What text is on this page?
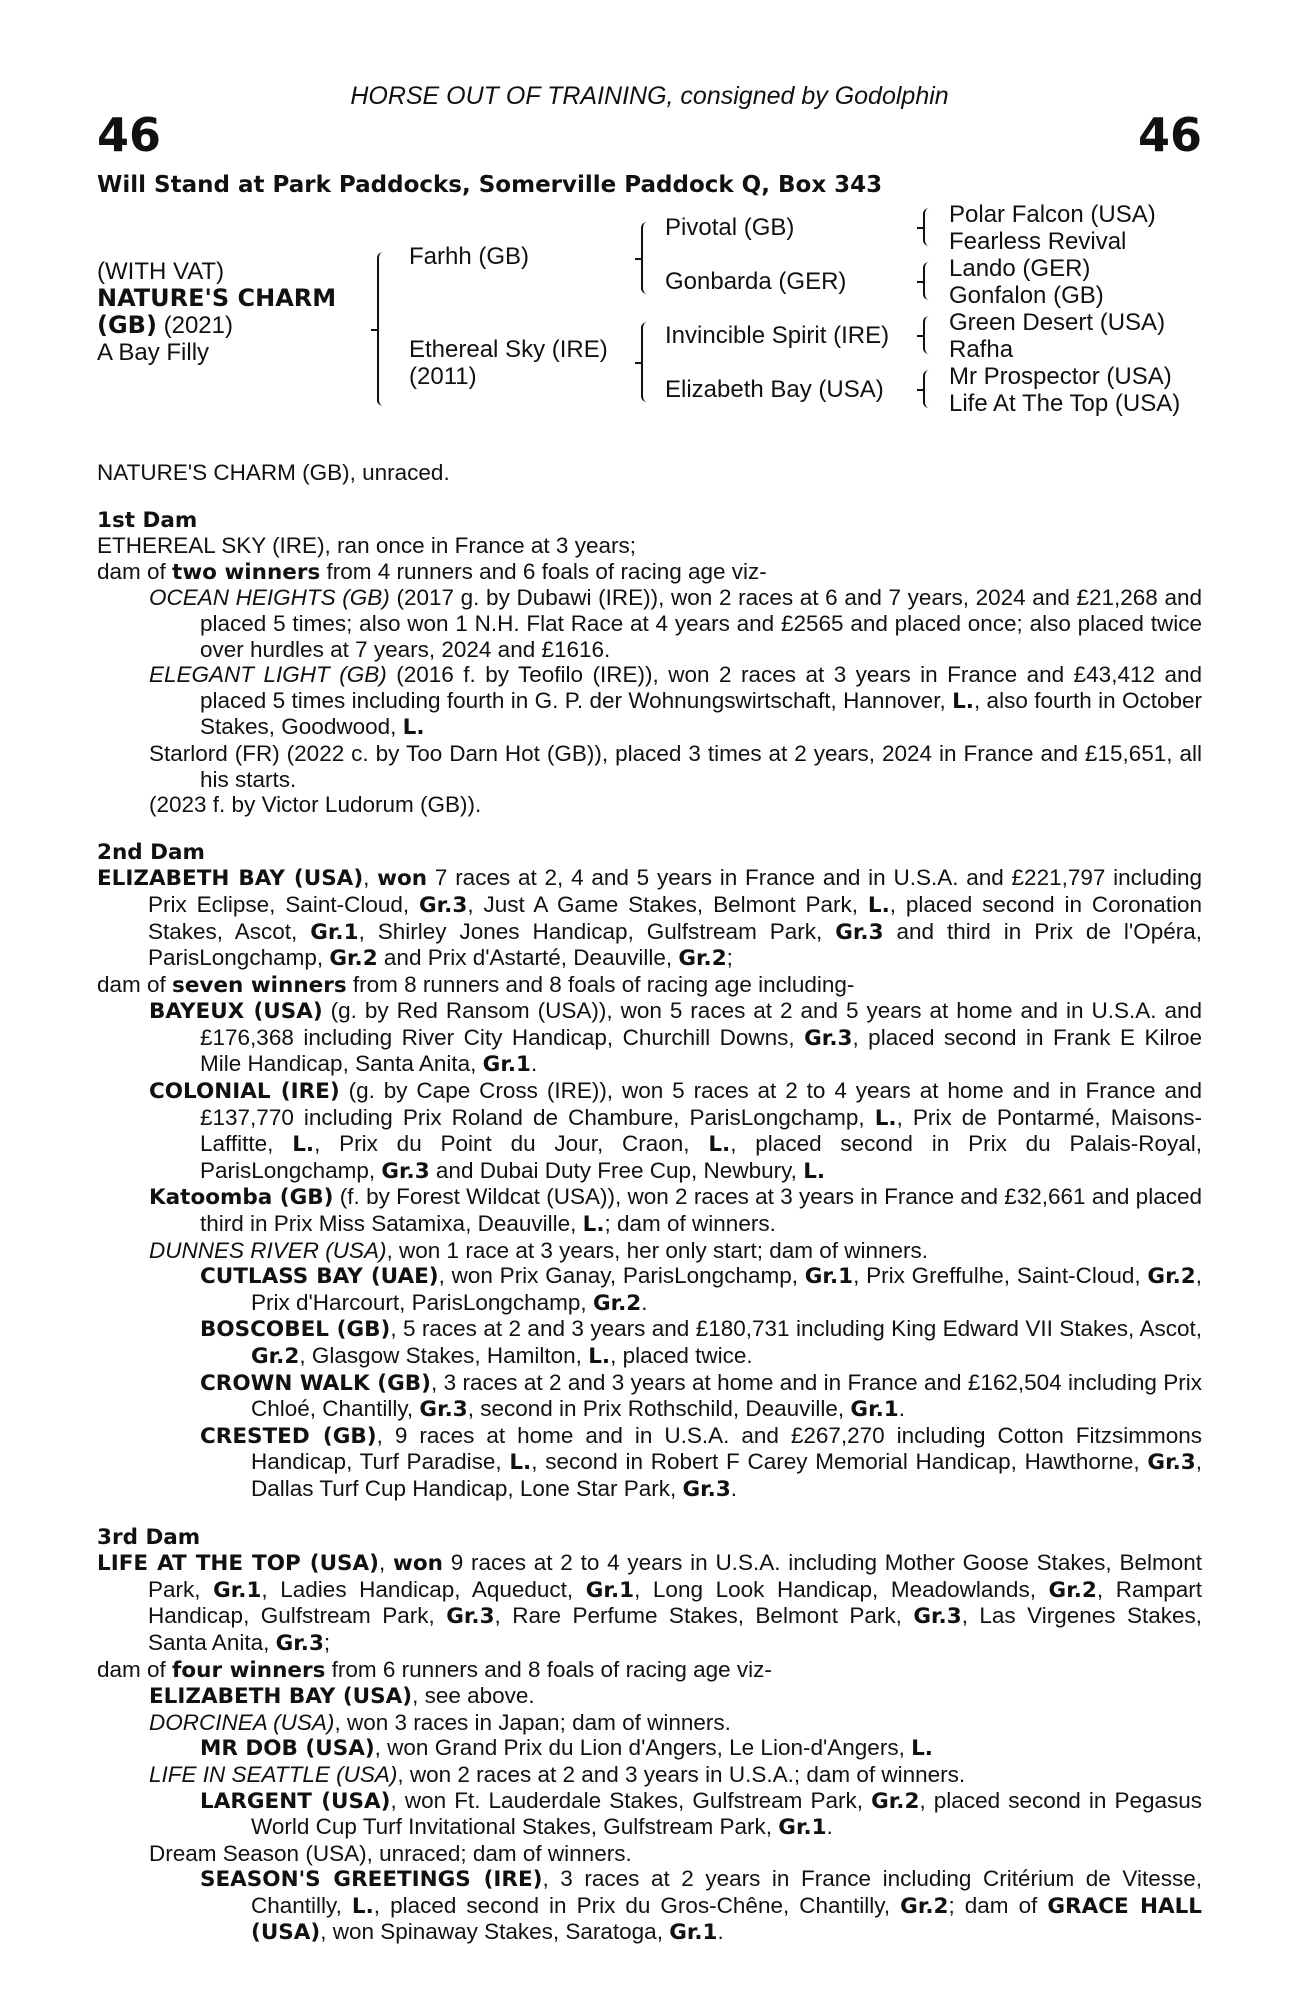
HORSE OUT OF TRAINING, consigned by Godolphin
46	46
Will Stand at Park Paddocks, Somerville Paddock Q, Box 343
(WITH VAT)
NATURE'S CHARM
(GB) (2021)
A Bay Filly
Farhh (GB)
Ethereal Sky (IRE)
(2011)
Pivotal (GB)
Gonbarda (GER)
Invincible Spirit (IRE)
Elizabeth Bay (USA)
Polar Falcon (USA)
Fearless Revival
Lando (GER)
Gonfalon (GB)
Green Desert (USA)
Rafha
Mr Prospector (USA)
Life At The Top (USA)

NATURE'S CHARM (GB), unraced.

1st Dam

ETHEREAL SKY (IRE), ran once in France at 3 years;

dam of two winners from 4 runners and 6 foals of racing age viz-

OCEAN HEIGHTS (GB) (2017 g. by Dubawi (IRE)), won 2 races at 6 and 7 years, 2024 and £21,268 and placed 5 times; also won 1 N.H. Flat Race at 4 years and £2565 and placed once; also placed twice over hurdles at 7 years, 2024 and £1616.

ELEGANT LIGHT (GB) (2016 f. by Teofilo (IRE)), won 2 races at 3 years in France and £43,412 and placed 5 times including fourth in G. P. der Wohnungswirtschaft, Hannover, L., also fourth in October Stakes, Goodwood, L.

Starlord (FR) (2022 c. by Too Darn Hot (GB)), placed 3 times at 2 years, 2024 in France and £15,651, all his starts.

(2023 f. by Victor Ludorum (GB)).

2nd Dam

ELIZABETH BAY (USA), won 7 races at 2, 4 and 5 years in France and in U.S.A. and £221,797 including Prix Eclipse, Saint-Cloud, Gr.3, Just A Game Stakes, Belmont Park, L., placed second in Coronation Stakes, Ascot, Gr.1, Shirley Jones Handicap, Gulfstream Park, Gr.3 and third in Prix de l'Opéra, ParisLongchamp, Gr.2 and Prix d'Astarté, Deauville, Gr.2;

dam of seven winners from 8 runners and 8 foals of racing age including-

BAYEUX (USA) (g. by Red Ransom (USA)), won 5 races at 2 and 5 years at home and in U.S.A. and £176,368 including River City Handicap, Churchill Downs, Gr.3, placed second in Frank E Kilroe Mile Handicap, Santa Anita, Gr.1.

COLONIAL (IRE) (g. by Cape Cross (IRE)), won 5 races at 2 to 4 years at home and in France and £137,770 including Prix Roland de Chambure, ParisLongchamp, L., Prix de Pontarmé, Maisons-Laffitte, L., Prix du Point du Jour, Craon, L., placed second in Prix du Palais-Royal, ParisLongchamp, Gr.3 and Dubai Duty Free Cup, Newbury, L.

Katoomba (GB) (f. by Forest Wildcat (USA)), won 2 races at 3 years in France and £32,661 and placed third in Prix Miss Satamixa, Deauville, L.; dam of winners.

DUNNES RIVER (USA), won 1 race at 3 years, her only start; dam of winners.

CUTLASS BAY (UAE), won Prix Ganay, ParisLongchamp, Gr.1, Prix Greffulhe, Saint-Cloud, Gr.2, Prix d'Harcourt, ParisLongchamp, Gr.2.

BOSCOBEL (GB), 5 races at 2 and 3 years and £180,731 including King Edward VII Stakes, Ascot, Gr.2, Glasgow Stakes, Hamilton, L., placed twice.

CROWN WALK (GB), 3 races at 2 and 3 years at home and in France and £162,504 including Prix Chloé, Chantilly, Gr.3, second in Prix Rothschild, Deauville, Gr.1.

CRESTED (GB), 9 races at home and in U.S.A. and £267,270 including Cotton Fitzsimmons Handicap, Turf Paradise, L., second in Robert F Carey Memorial Handicap, Hawthorne, Gr.3, Dallas Turf Cup Handicap, Lone Star Park, Gr.3.

3rd Dam

LIFE AT THE TOP (USA), won 9 races at 2 to 4 years in U.S.A. including Mother Goose Stakes, Belmont Park, Gr.1, Ladies Handicap, Aqueduct, Gr.1, Long Look Handicap, Meadowlands, Gr.2, Rampart Handicap, Gulfstream Park, Gr.3, Rare Perfume Stakes, Belmont Park, Gr.3, Las Virgenes Stakes, Santa Anita, Gr.3;

dam of four winners from 6 runners and 8 foals of racing age viz-

ELIZABETH BAY (USA), see above.

DORCINEA (USA), won 3 races in Japan; dam of winners.

MR DOB (USA), won Grand Prix du Lion d'Angers, Le Lion-d'Angers, L.

LIFE IN SEATTLE (USA), won 2 races at 2 and 3 years in U.S.A.; dam of winners.

LARGENT (USA), won Ft. Lauderdale Stakes, Gulfstream Park, Gr.2, placed second in Pegasus World Cup Turf Invitational Stakes, Gulfstream Park, Gr.1.

Dream Season (USA), unraced; dam of winners.

SEASON'S GREETINGS (IRE), 3 races at 2 years in France including Critérium de Vitesse, Chantilly, L., placed second in Prix du Gros-Chêne, Chantilly, Gr.2; dam of GRACE HALL (USA), won Spinaway Stakes, Saratoga, Gr.1.
